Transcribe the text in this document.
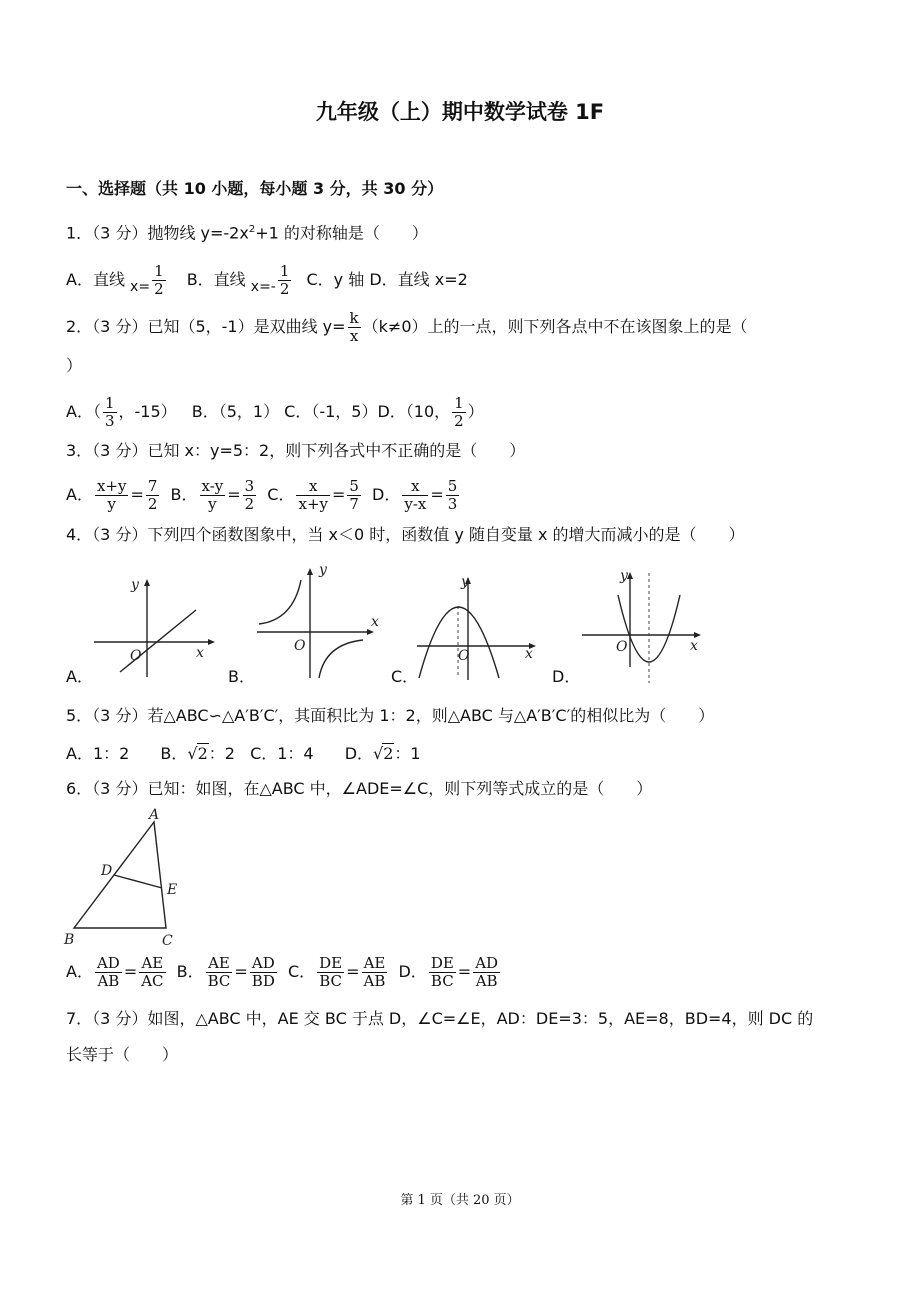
九年级（上）期中数学试卷 1F
一、选择题（共 10 小题，每小题 3 分，共 30 分）
1．（3 分）抛物线 $y=-2x^2+1$ 的对称轴是（　　）
A．直线 $x= \frac{1}{2}$ B．直线 $x=- \frac{1}{2}$ C．y 轴 D．直线 x=2
2．（3 分）已知（5，-1）是双曲线 $y= \frac{k}{x} (k\ne 0)$上的一点，则下列各点中不在该图象上的是（
）
A．（ $\frac{1}{3}$ ，-15） B．（5，1） C．（-1，5）D．（10， $\frac{1}{2}$ ）
3．（3 分）已知 x：y=5：2，则下列各式中不正确的是（　　）
A． $\frac{x+y}{y} = \frac{7}{2}$ B． $\frac{x-y}{y} = \frac{3}{2}$ C． $\frac{x}{x+y} = \frac{5}{7}$ D． $\frac{x}{y-x} = \frac{5}{3}$
4．（3 分）下列四个函数图象中，当 x＜0 时，函数值 y 随自变量 x 的增大而减小的是（　　）
y
x
O
A．
y
x
O
B．
y
x
O
C．
y
x
O
D．
5．（3 分）若△ABC∽△A′B′C′，其面积比为 1：2，则△ABC 与△A′B′C′的相似比为（　　）
A．1：2 B．√2：2 C．1：4 D．√2：1
6．（3 分）已知：如图，在△ABC 中，∠ADE=∠C，则下列等式成立的是（　　）
A
B	C
D
E
A． $\frac{AD}{AB} = \frac{AE}{AC}$ B． $\frac{AE}{BC} = \frac{AD}{BD}$ C． $\frac{DE}{BC} = \frac{AE}{AB}$ D． $\frac{DE}{BC} = \frac{AD}{AB}$
7．（3 分）如图，△ABC 中，AE 交 BC 于点 D，∠C=∠E，AD：DE=3：5，AE=8，BD=4，则 DC 的
长等于（　　）
第 1 页（共 20 页）
